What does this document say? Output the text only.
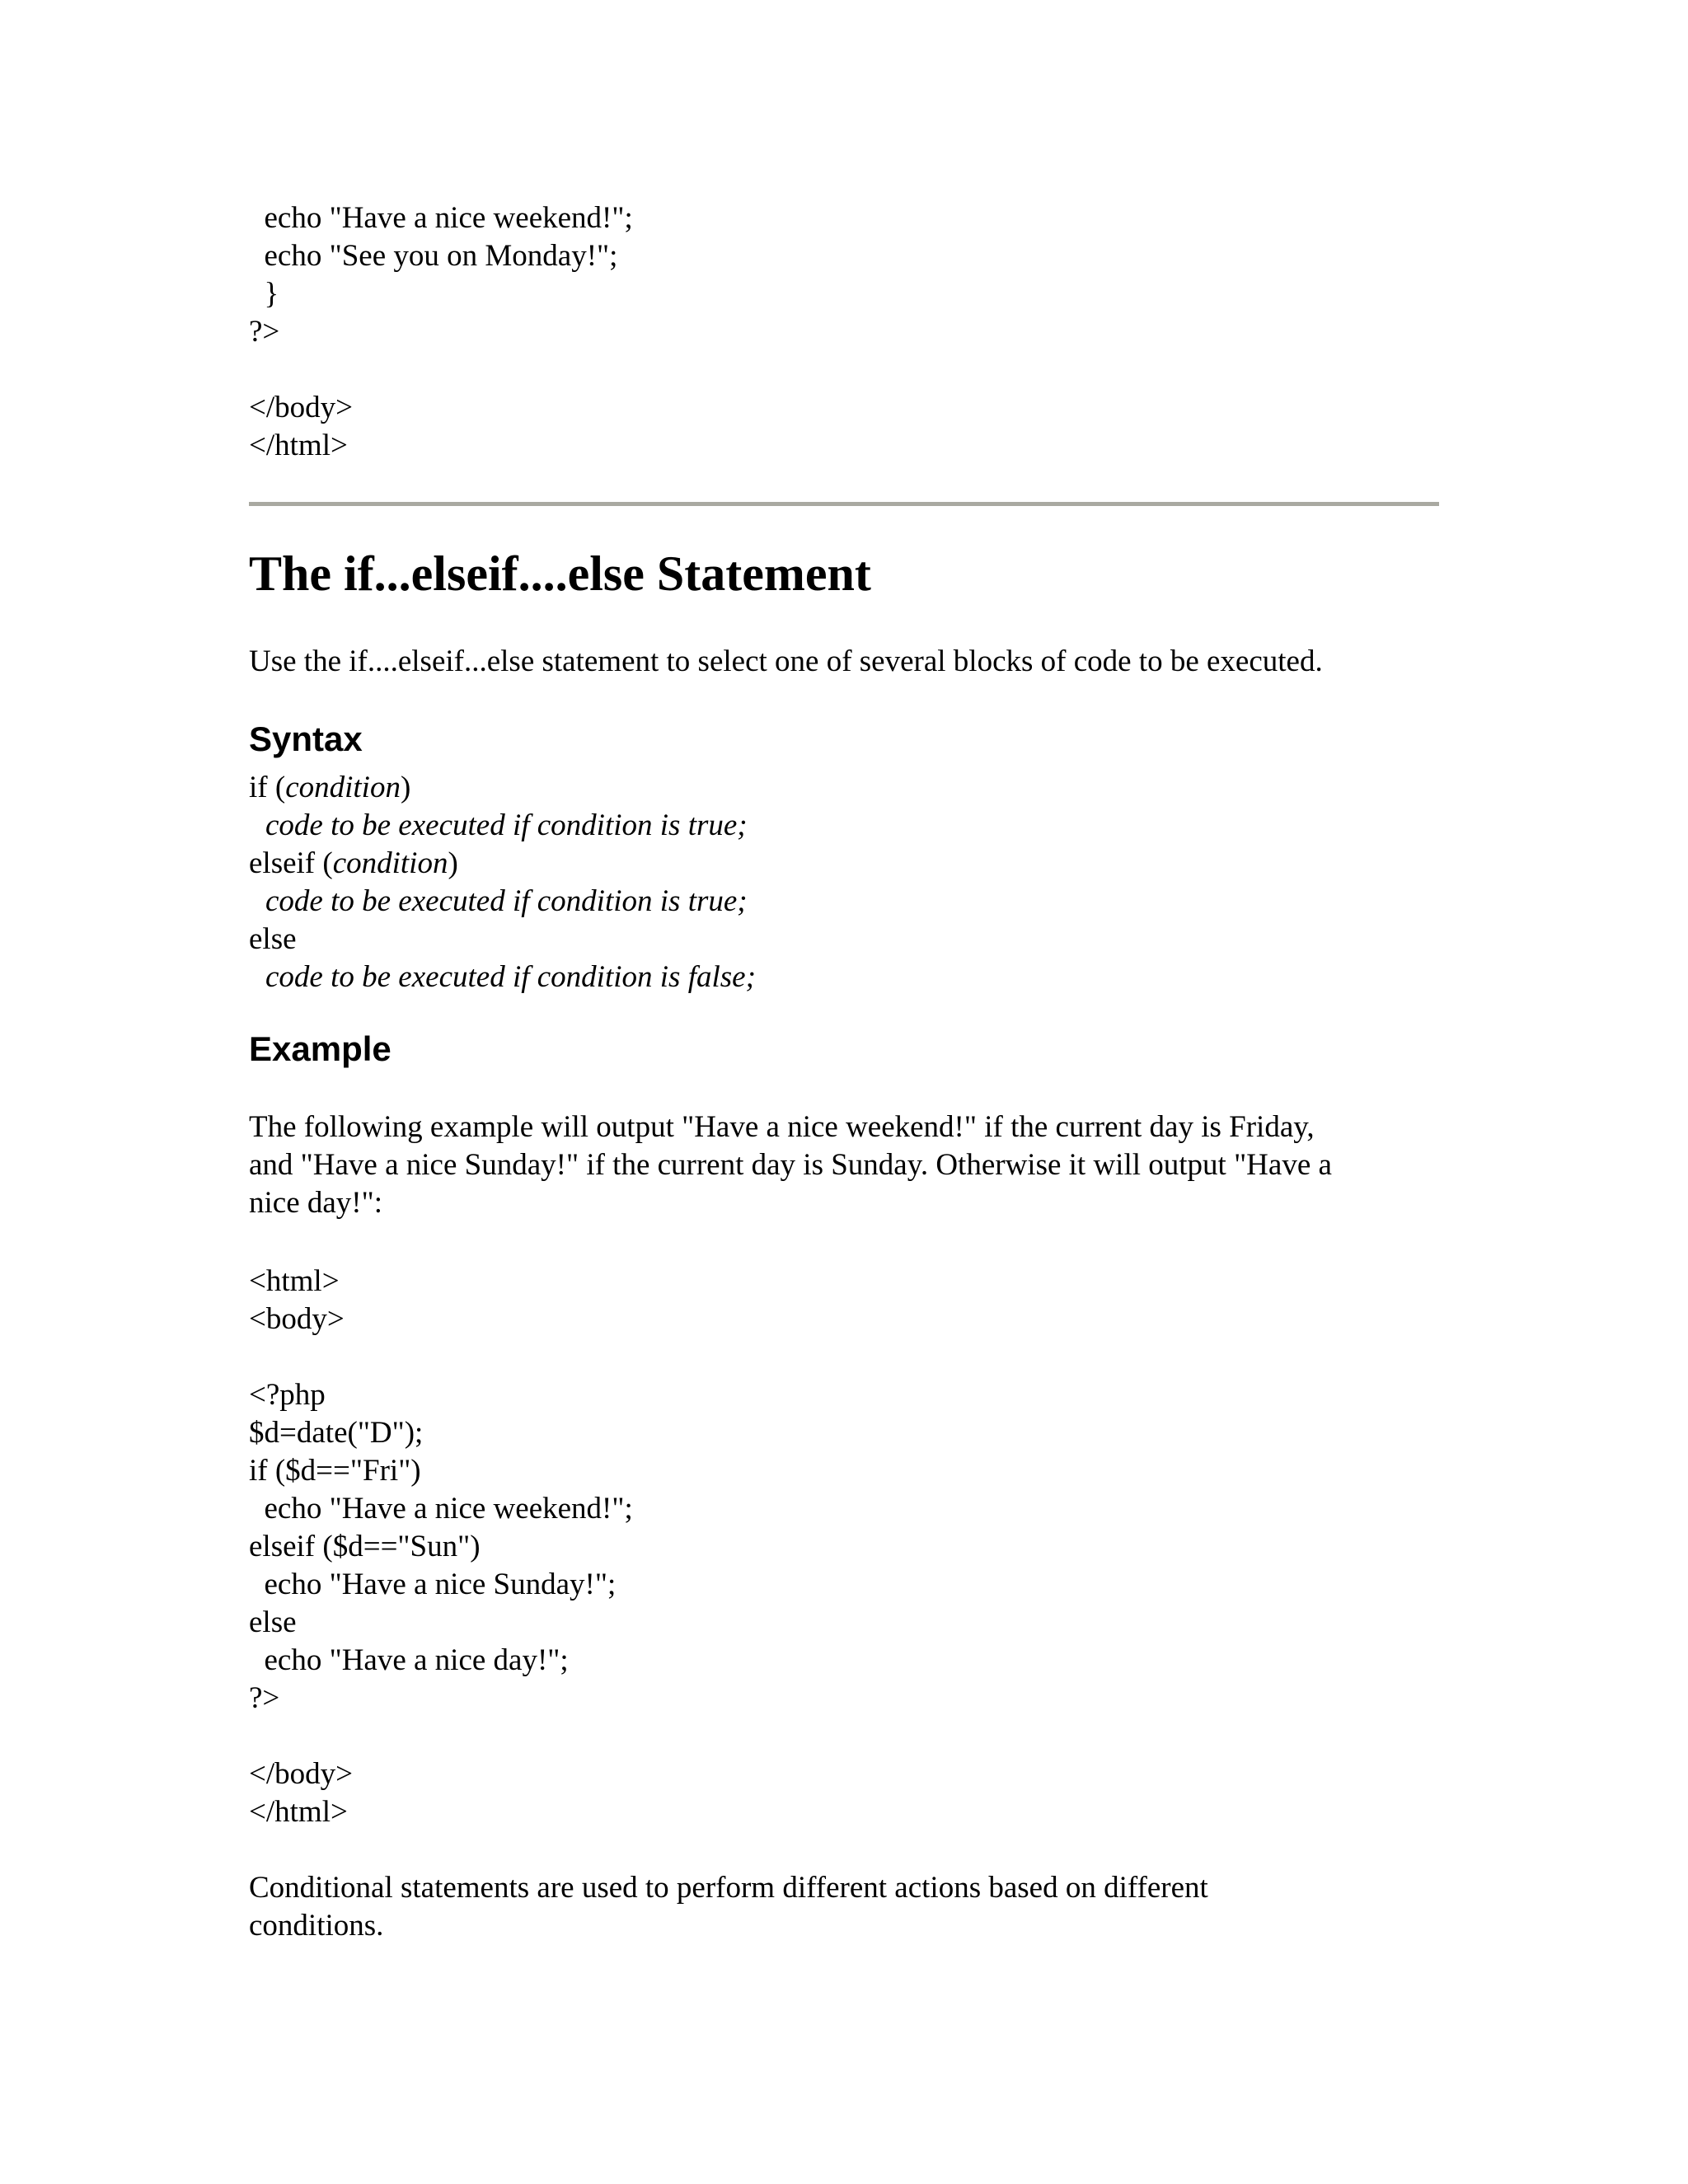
echo "Have a nice weekend!";
echo "See you on Monday!";
}
?>
</body>
</html>
The if...elseif....else Statement
Use the if....elseif...else statement to select one of several blocks of code to be executed.
Syntax
if (condition)
code to be executed if condition is true;
elseif (condition)
code to be executed if condition is true;
else
code to be executed if condition is false;
Example
The following example will output "Have a nice weekend!" if the current day is Friday,
and "Have a nice Sunday!" if the current day is Sunday. Otherwise it will output "Have a
nice day!":
<html>
<body>
<?php
$d=date("D");
if ($d=="Fri")
echo "Have a nice weekend!";
elseif ($d=="Sun")
echo "Have a nice Sunday!";
else
echo "Have a nice day!";
?>
</body>
</html>
Conditional statements are used to perform different actions based on different
conditions.
